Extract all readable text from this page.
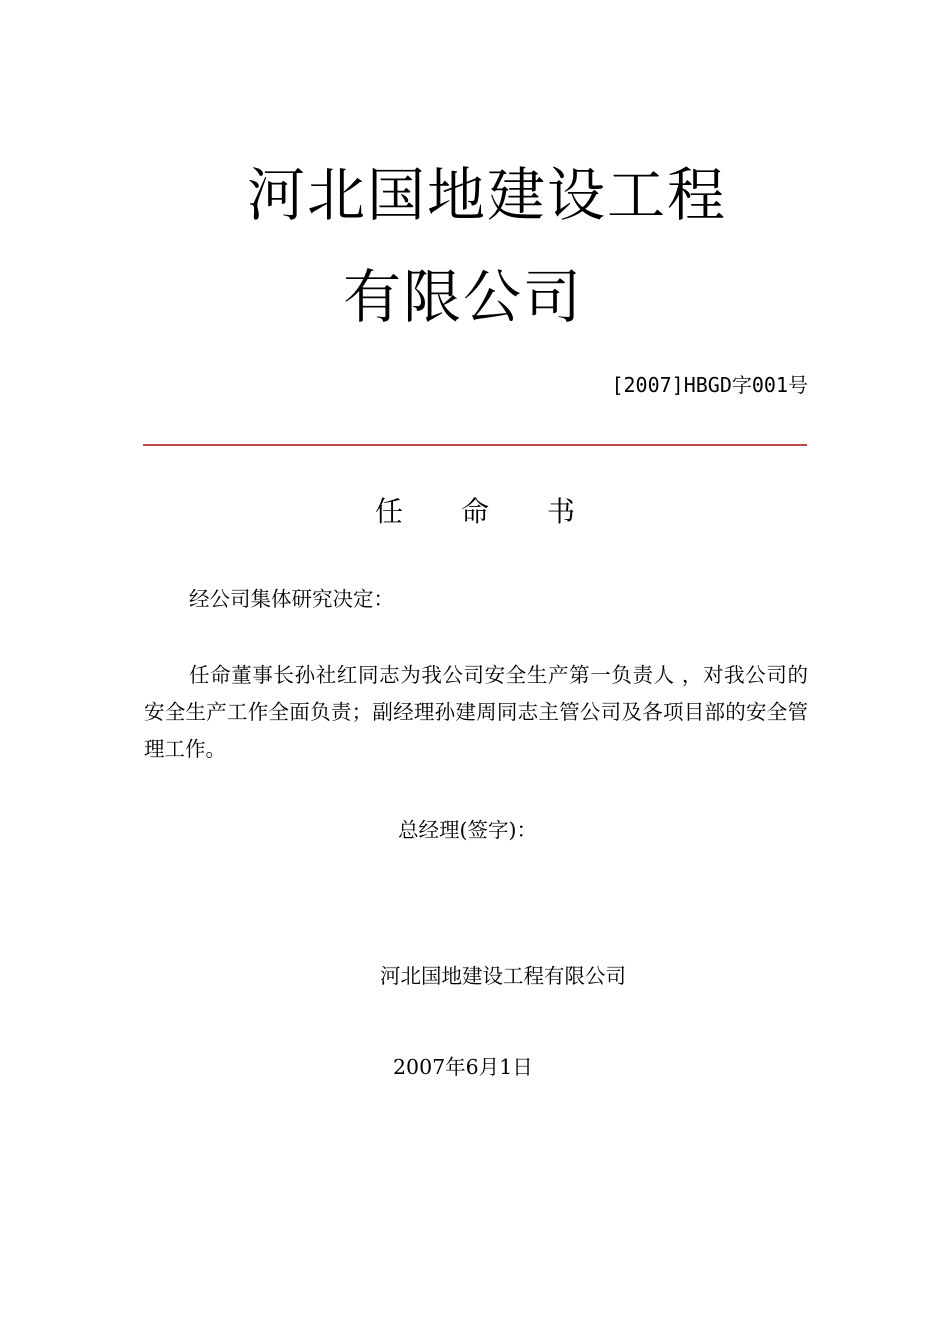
河北国地建设工程
有限公司
[2007]HBGD字001号
任命书
经公司集体研究决定：
任命董事长孙社红同志为我公司安全生产第一负责人 ，对我公司的安全生产工作全面负责；副经理孙建周同志主管公司及各项目部的安全管理工作。
总经理(签字)：
河北国地建设工程有限公司
2007年6月1日
